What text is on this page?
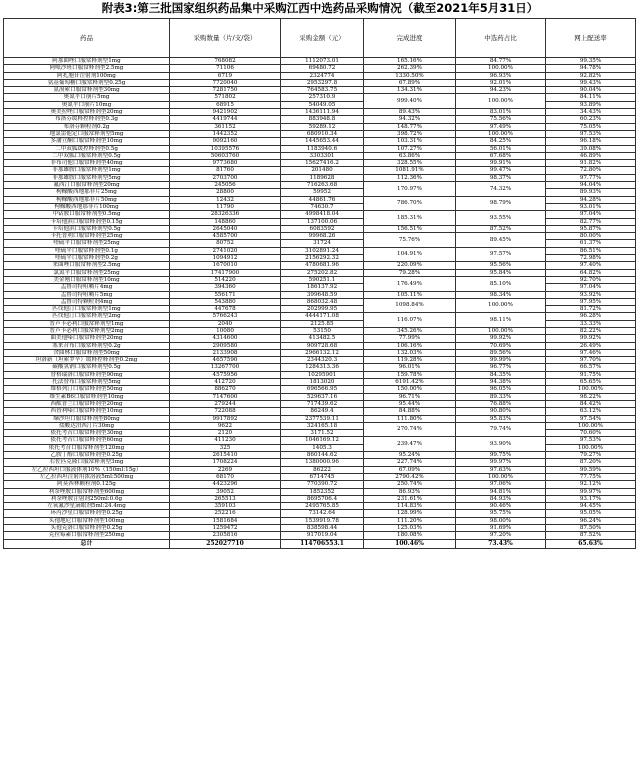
附表3:第三批国家组织药品集中采购江西中选药品采购情况（截至2021年5月31日）
药品	采购数量（片/支/袋）	采购金额（元）	完成进度	中选药占比	网上配送率
阿那曲唑口服常释剂型1mg	768082	1112073.01	165.16%	84.77%	99.35%
阿哌沙班口服常释剂型2.5mg	71106	69480.72	262.39%	100.00%	94.78%
阿扎胞苷注射剂100mg	6719	2324774	1330.50%	96.93%	92.82%
氨基葡萄糖口服常释剂型0.25g	7720040	2953297.8	67.89%	92.01%	99.43%
氨溴索口服常释剂型30mg	7281750	764583.75	134.31%	94.23%	90.04%
奥氮平口崩片5mg	571802	257310.9	999.40%	100.00%	84.11%
奥氮平口崩片10mg	68915	54049.05			93.89%
奥美拉唑口服常释剂型20mg	9421902	1436111.94	89.43%	83.01%	34.43%
布洛芬缓释控释剂型0.3g	4419744	883948.8	94.32%	75.56%	60.23%
布洛芬颗粒剂0.2g	361152	59289.12	148.77%	97.49%	75.05%
地氯雷他定口服常释剂型5mg	1442352	680910.34	398.72%	100.00%	97.53%
多潘立酮口服常释剂型10mg	9092160	1445653.44	103.31%	84.25%	96.18%
二甲双胍缓控释剂型0.5g	10395576	1183940.6	107.27%	56.01%	39.08%
二甲双胍口服常释剂型0.5g	50603760	3303301	63.86%	67.68%	46.89%
非布司他口服常释剂型40mg	9773680	15627416.2	328.55%	99.91%	91.82%
非那雄胺口服常释剂型1mg	81760	201480	1081.91%	99.47%	72.80%
非那雄胺口服常释剂型5mg	2703700	1189628	112.36%	98.37%	97.77%
氟西汀口服常释剂型20mg	245056	716263.68	170.97%	74.32%	94.04%
枸橼酸西地那非片25mg	28800	59952			89.93%
枸橼酸西地那非片50mg	12432	44861.76	786.70%	98.79%	94.28%
枸橼酸西地那非片100mg	11790	74630.7			93.01%
甲钴胺口服常释剂型0.5mg	28326336	4998418.04	185.31%	93.55%	97.04%
卡培他滨口服常释剂型0.15g	148860	137100.06			82.77%
卡培他滨口服常释剂型0.5g	2645040	6083592	156.51%	87.52%	95.87%
卡托普利口服常释剂型25mg	4585700	99968.26	75.76%	89.45%	80.00%
喹硫平口服常释剂型25mg	80752	31724			61.37%
喹硫平口服常释剂型0.1g	2741020	3102891.24	104.91%	97.57%	86.51%
喹硫平口服常释剂型0.2g	1094912	2156292.32			72.98%
来曲唑口服常释剂型2.5mg	1670010	4780681.96	220.09%	95.56%	97.40%
氯氮平口服常释剂型25mg	17417900	275202.82	79.28%	95.84%	64.82%
美金刚口服常释剂型10mg	514220	590251.1	176.49%	85.10%	92.70%
孟鲁司特咀嚼片4mg	394360	186137.92			97.04%
孟鲁司特咀嚼片5mg	556171	399648.59	105.11%	98.34%	93.92%
孟鲁司特颗粒剂4mg	543880	868032.48	1098.84%	100.00%	97.95%
匹伐他汀口服常释剂型1mg	447678	202999.95			81.72%
匹伐他汀口服常释剂型2mg	5766243	4444171.08	116.07%	98.11%	96.28%
普芦卡必利口服常释剂型1mg	2040	2125.85			33.33%
普芦卡必利口服常释剂型2mg	10080	53150	345.26%	100.00%	82.22%
曲美他嗪口服常释剂型20mg	4314600	413482.5	77.99%	99.92%	99.92%
塞来昔布口服常释剂型0.2g	2909580	909728.68	106.16%	70.69%	26.49%
舍曲林口服常释剂型50mg	2133908	2966132.12	132.03%	89.56%	97.46%
坦洛新（坦索罗辛）缓释控释剂型0.2mg	4657590	2344320.3	119.28%	99.99%	97.70%
碳酸氢钠口服常释剂型0.5g	13267700	1284313.36	96.01%	96.77%	66.57%
替格瑞洛口服常释剂型90mg	4575956	10295901	159.78%	84.35%	91.75%
托法替布口服常释剂型5mg	412720	1813020	6191.42%	94.38%	65.65%
维格列汀口服常释剂型50mg	886270	696566.95	150.00%	96.05%	100.00%
维生素B6口服常释剂型10mg	7147600	529637.16	96.71%	89.33%	98.22%
西酞普兰口服常释剂型20mg	279244	717439.62	95.44%	76.88%	84.42%
西替利嗪口服常释剂型10mg	722088	86249.4	84.88%	90.80%	63.12%
缬沙坦口服常释剂型80mg	9917892	2377539.11	111.80%	95.83%	97.54%
盐酸达泊西汀片30mg	9622	324165.18	270.74%	79.74%	100.00%
依托考昔口服常释剂型30mg	2120	3171.52			70.60%
依托考昔口服常释剂型60mg	411230	1046169.12	239.47%	93.90%	97.53%
依托考昔口服常释剂型120mg	325	1405.3			100.00%
乙胺丁醇口服常释剂型0.25g	2615410	860144.62	95.24%	99.75%	79.27%
右佐匹克隆口服常释剂型3mg	1708224	1380000.96	227.74%	99.97%	87.20%
左乙拉西坦口服液体剂10%（150ml:15g）	2269	86222	67.09%	97.63%	99.59%
左乙拉西坦注射用浓溶液5ml:500mg	68170	6714745	2790.42%	100.00%	77.75%
阿莫西林颗粒剂0.125g	4423296	770390.72	250.74%	97.06%	92.12%
利奈唑胺口服常释剂型600mg	39052	1852352	86.93%	94.81%	99.97%
利奈唑胺注射剂250ml:0.6g	265513	8695706.4	231.61%	84.93%	93.17%
左氧氟沙星滴眼剂5ml:24.4mg	359103	2495765.85	114.83%	90.46%	94.45%
环丙沙星口服常释剂型0.25g	252216	73142.64	128.99%	95.75%	95.05%
头孢地尼口服常释剂型100mg	1581684	1539919.78	111.20%	98.00%	96.24%
头孢克洛口服常释剂型0.25g	1259472	838598.44	125.03%	91.69%	87.50%
克拉霉素口服常释剂型250mg	2305816	917019.04	180.08%	97.20%	87.52%
总计	252027710	114706553.1	100.46%	73.43%	65.63%
